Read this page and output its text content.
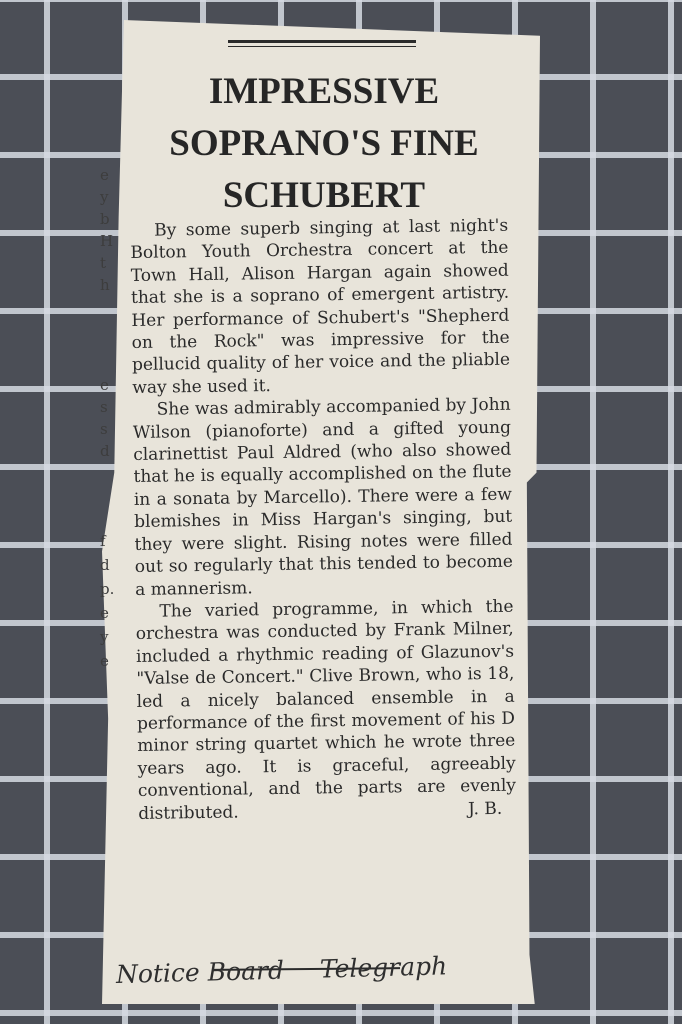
e
y
b
H
t
h
e
s
s
d
f
d
p.
e
y
e
IMPRESSIVE
SOPRANO'S FINE
SCHUBERT

By some superb singing at last night's Bolton Youth Orchestra concert at the Town Hall, Alison Hargan again showed that she is a soprano of emergent artistry. Her performance of Schubert's "Shepherd on the Rock" was impressive for the pellucid quality of her voice and the pliable way she used it.

She was admirably accompanied by John Wilson (pianoforte) and a gifted young clarinettist Paul Aldred (who also showed that he is equally accomplished on the flute in a sonata by Marcello). There were a few blemishes in Miss Hargan's singing, but they were slight. Rising notes were filled out so regularly that this tended to become a mannerism.

The varied programme, in which the orchestra was conducted by Frank Milner, included a rhythmic reading of Glazunov's "Valse de Concert." Clive Brown, who is 18, led a nicely balanced ensemble in a performance of the first movement of his D minor string quartet which he wrote three years ago. It is graceful, agreeably conventional, and the parts are evenly distributed.	J. B.

Notice Board Telegraph
